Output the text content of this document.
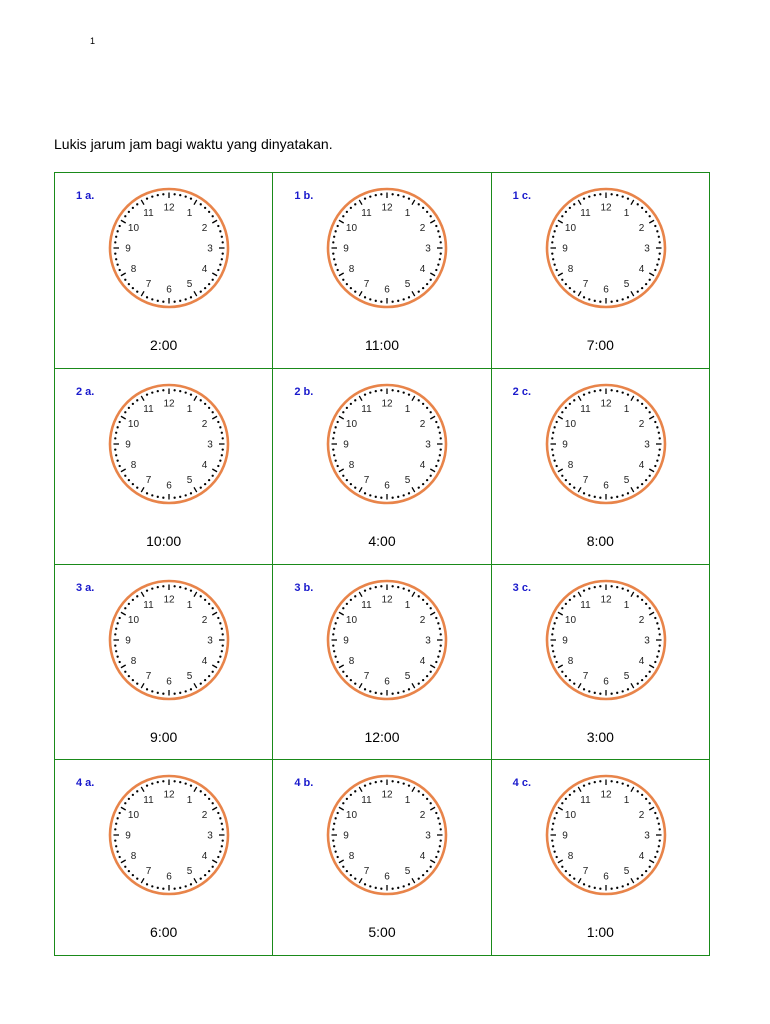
1
Lukis jarum jam bagi waktu yang dinyatakan.
1 a.
12 1
2
3
4
5
6
7
8
9
10
11
2:00
1 b.
12 1
2
3
4
5
6
7
8
9
10
11
11:00
1 c.
12 1
2
3
4
5
6
7
8
9
10
11
7:00
2 a.
12 1
2
3
4
5
6
7
8
9
10
11
10:00
2 b.
12 1
2
3
4
5
6
7
8
9
10
11
4:00
2 c.
12 1
2
3
4
5
6
7
8
9
10
11
8:00
3 a.
12 1
2
3
4
5
6
7
8
9
10
11
9:00
3 b.
12 1
2
3
4
5
6
7
8
9
10
11
12:00
3 c.
12 1
2
3
4
5
6
7
8
9
10
11
3:00
4 a.
12 1
2
3
4
5
6
7
8
9
10
11
6:00
4 b.
12 1
2
3
4
5
6
7
8
9
10
11
5:00
4 c.
12 1
2
3
4
5
6
7
8
9
10
11
1:00
